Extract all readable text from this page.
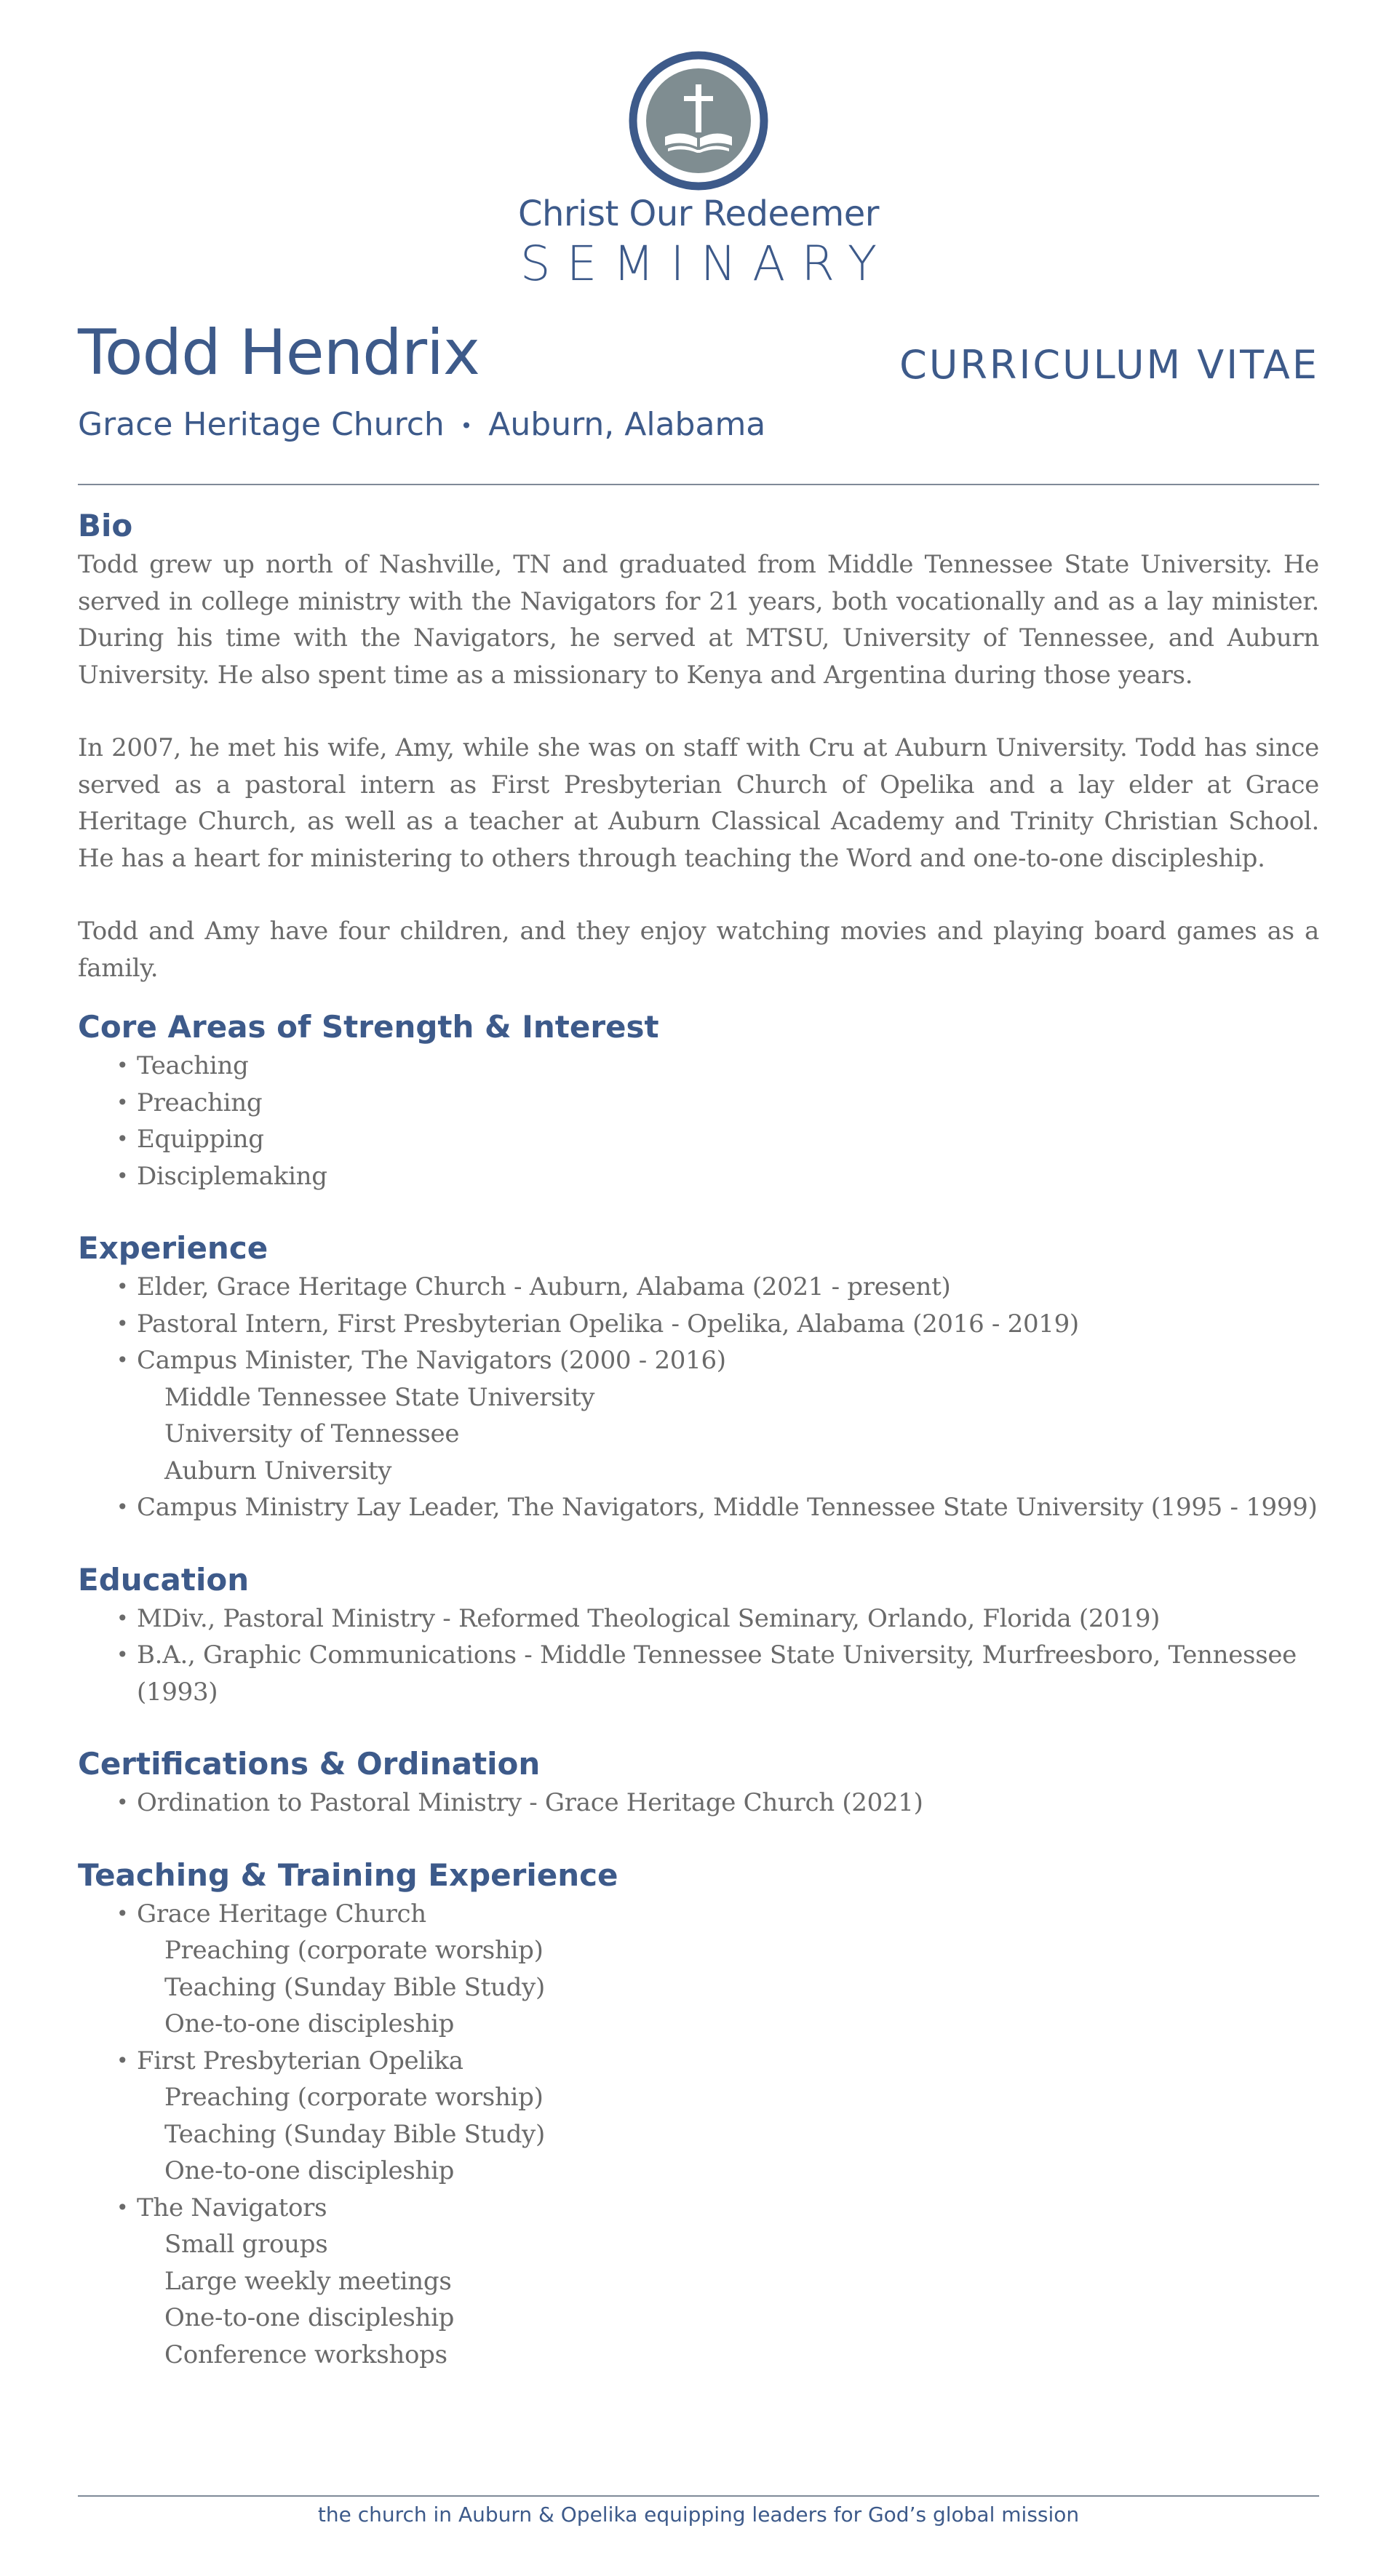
Christ Our Redeemer
SEMINARY
Todd Hendrix	CURRICULUM VITAE
Grace Heritage Church • Auburn, Alabama
Bio

Todd grew up north of Nashville, TN and graduated from Middle Tennessee State University. He served in college ministry with the Navigators for 21 years, both vocationally and as a lay minister. During his time with the Navigators, he served at MTSU, University of Tennessee, and Auburn University. He also spent time as a missionary to Kenya and Argentina during those years.

In 2007, he met his wife, Amy, while she was on staff with Cru at Auburn University. Todd has since served as a pastoral intern as First Presbyterian Church of Opelika and a lay elder at Grace Heritage Church, as well as a teacher at Auburn Classical Academy and Trinity Christian School. He has a heart for ministering to others through teaching the Word and one-to-one discipleship.

Todd and Amy have four children, and they enjoy watching movies and playing board games as a family.

Core Areas of Strength & Interest
• Teaching
• Preaching
• Equipping
• Disciplemaking
Experience
• Elder, Grace Heritage Church - Auburn, Alabama (2021 - present)
• Pastoral Intern, First Presbyterian Opelika - Opelika, Alabama (2016 - 2019)
• Campus Minister, The Navigators (2000 - 2016)
Middle Tennessee State University
University of Tennessee
Auburn University
• Campus Ministry Lay Leader, The Navigators, Middle Tennessee State University (1995 - 1999)
Education
• MDiv., Pastoral Ministry - Reformed Theological Seminary, Orlando, Florida (2019)
• B.A., Graphic Communications - Middle Tennessee State University, Murfreesboro, Tennessee (1993)
Certifications & Ordination
• Ordination to Pastoral Ministry - Grace Heritage Church (2021)
Teaching & Training Experience
• Grace Heritage Church
Preaching (corporate worship)
Teaching (Sunday Bible Study)
One-to-one discipleship
• First Presbyterian Opelika
Preaching (corporate worship)
Teaching (Sunday Bible Study)
One-to-one discipleship
• The Navigators
Small groups
Large weekly meetings
One-to-one discipleship
Conference workshops
the church in Auburn & Opelika equipping leaders for God’s global mission
